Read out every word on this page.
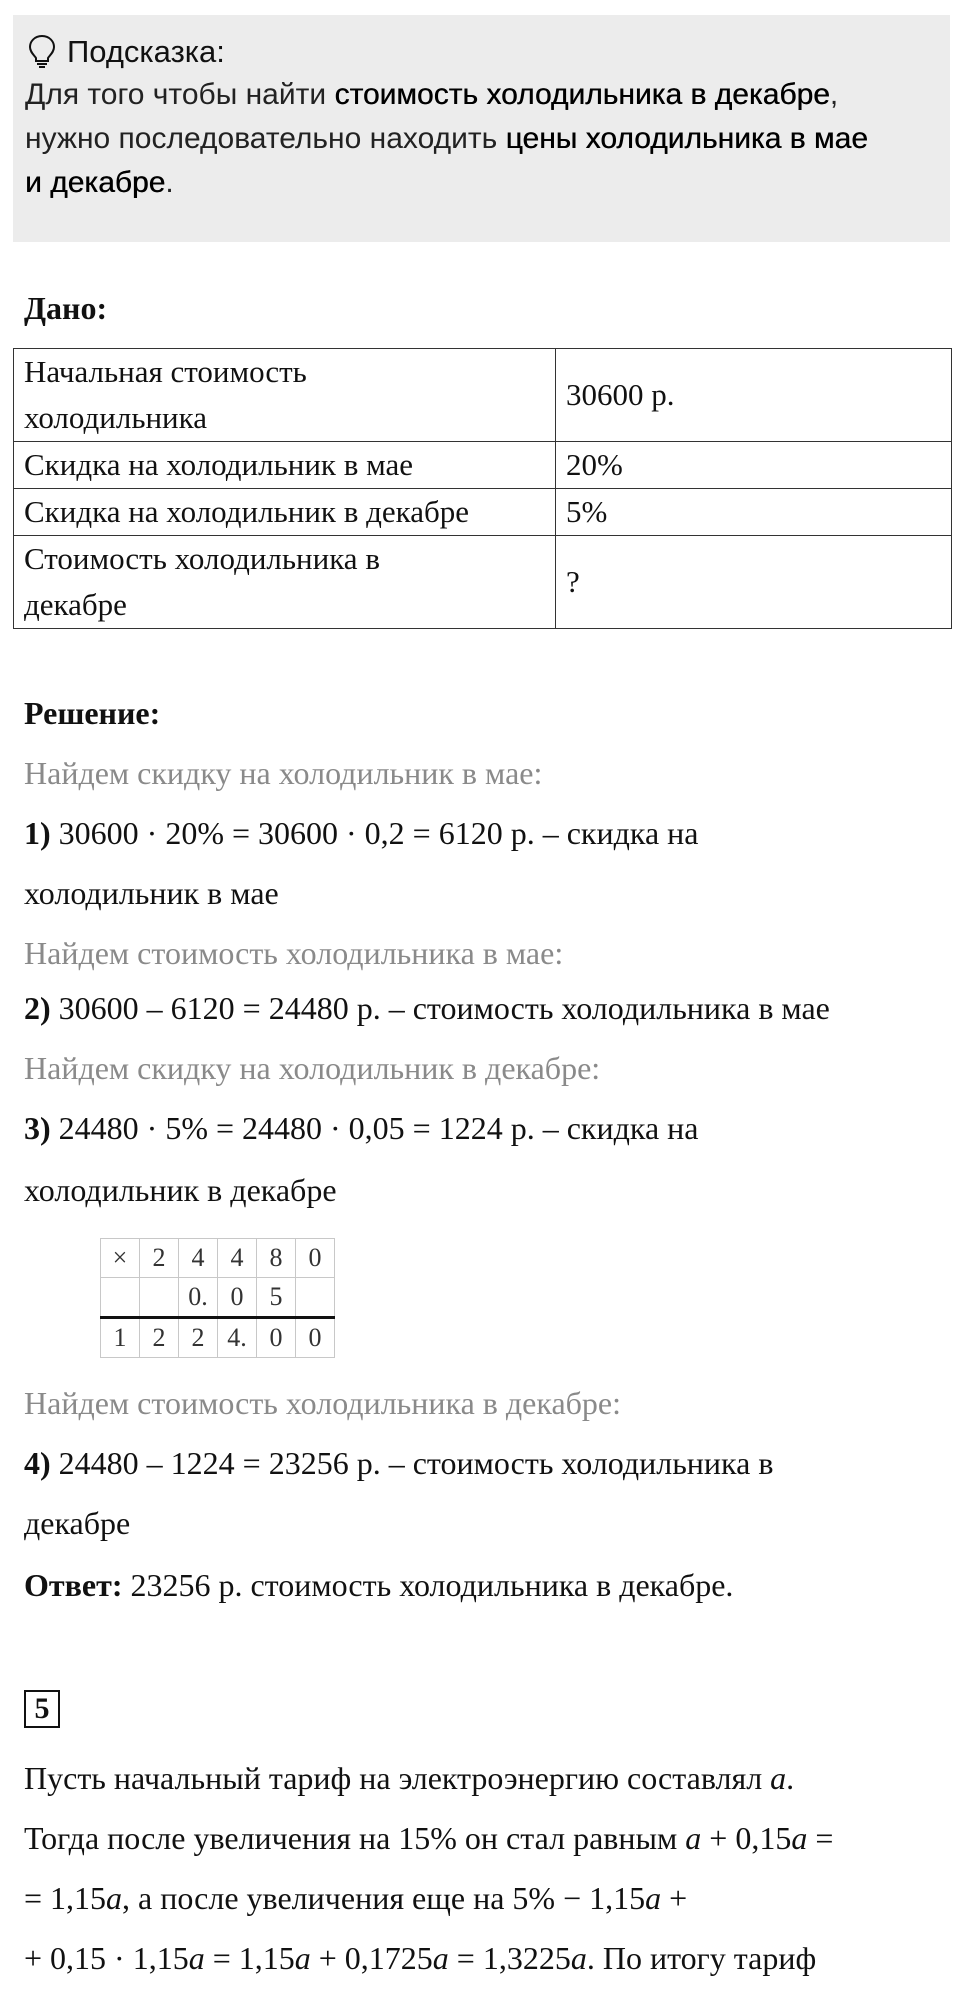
Подсказка:
Для того чтобы найти стоимость холодильника в декабре,
нужно последовательно находить цены холодильника в мае
и декабре.
Дано:
Начальная стоимость
холодильника	30600 р.
Скидка на холодильник в мае	20%
Скидка на холодильник в декабре	5%
Стоимость холодильника в
декабре	?
Решение:
Найдем скидку на холодильник в мае:
1) 30600 · 20% = 30600 · 0,2 = 6120 р. – скидка на
холодильник в мае
Найдем стоимость холодильника в мае:
2) 30600 – 6120 = 24480 р. – стоимость холодильника в мае
Найдем скидку на холодильник в декабре:
3) 24480 · 5% = 24480 · 0,05 = 1224 р. – скидка на
холодильник в декабре
×	2	4	4	8	0
		0.	0	5	
1	2	2	4.	0	0
Найдем стоимость холодильника в декабре:
4) 24480 – 1224 = 23256 р. – стоимость холодильника в
декабре
Ответ: 23256 р. стоимость холодильника в декабре.
5
Пусть начальный тариф на электроэнергию составлял a.
Тогда после увеличения на 15% он стал равным a + 0,15a =
= 1,15a, а после увеличения еще на 5% − 1,15a +
+ 0,15 · 1,15a = 1,15a + 0,1725a = 1,3225a. По итогу тариф
